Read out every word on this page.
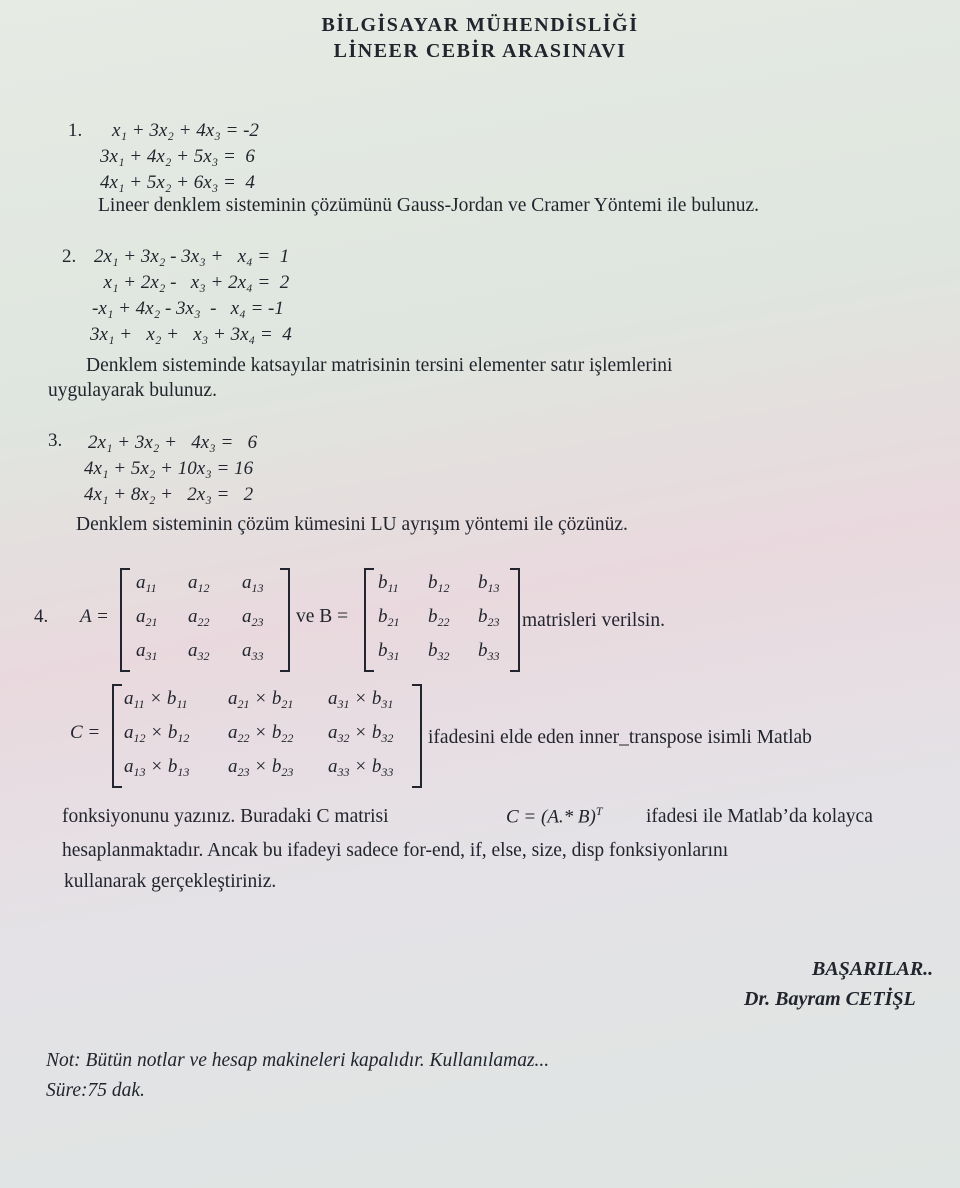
BİLGİSAYAR MÜHENDİSLİĞİ
LİNEER CEBİR ARASINAVI
1. x₁ + 3x₂ + 4x₃ = -2
3x₁ + 4x₂ + 5x₃ =  6
4x₁ + 5x₂ + 6x₃ =  4
Lineer denklem sisteminin çözümünü Gauss-Jordan ve Cramer Yöntemi ile bulunuz.
2. 2x₁ + 3x₂ - 3x₃ +   x₄ =  1
x₁ + 2x₂ -   x₃ + 2x₄ =  2
-x₁ + 4x₂ - 3x₃  -   x₄ = -1
3x₁ +   x₂ +   x₃ + 3x₄ =  4
Denklem sisteminde katsayılar matrisinin tersini elementer satır işlemlerini
uygulayarak bulunuz.
3. 2x₁ + 3x₂ +   4x₃ =   6
4x₁ + 5x₂ + 10x₃ = 16
4x₁ + 8x₂ +   2x₃ =   2
Denklem sisteminin çözüm kümesini LU ayrışım yöntemi ile çözünüz.
4. A =
$a_{11}$ $a_{12}$ $a_{13}$
$a_{21}$ $a_{22}$ $a_{23}$
$a_{31}$ $a_{32}$ $a_{33}$
ve B =
$b_{11}$ $b_{12}$ $b_{13}$
$b_{21}$ $b_{22}$ $b_{23}$
$b_{31}$ $b_{32}$ $b_{33}$
matrisleri verilsin.
C =
$a_{11} \times b_{11}$ $a_{21} \times b_{21}$ $a_{31} \times b_{31}$
$a_{12} \times b_{12}$ $a_{22} \times b_{22}$ $a_{32} \times b_{32}$
$a_{13} \times b_{13}$ $a_{23} \times b_{23}$ $a_{33} \times b_{33}$
ifadesini elde eden inner_transpose isimli Matlab
fonksiyonunu yazınız. Buradaki C matrisi	C = (A.* B)$^T$ ifadesi ile Matlab’da kolayca
hesaplanmaktadır. Ancak bu ifadeyi sadece for-end, if, else, size, disp fonksiyonlarını
kullanarak gerçekleştiriniz.
BAŞARILAR..
Dr. Bayram CETİŞL
Not: Bütün notlar ve hesap makineleri kapalıdır. Kullanılamaz...
Süre:75 dak.
